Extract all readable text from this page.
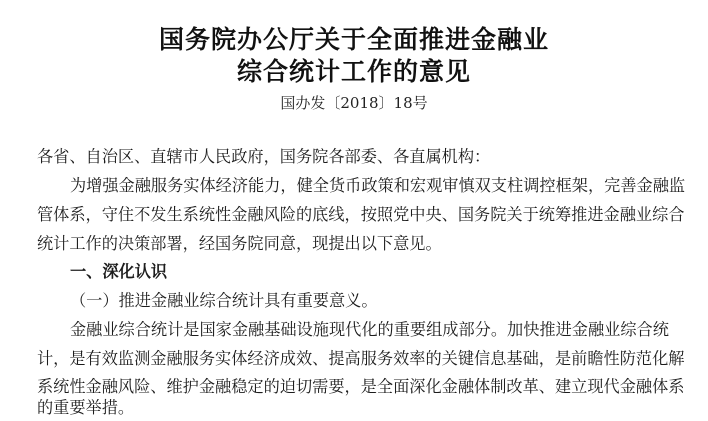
国务院办公厅关于全面推进金融业
综合统计工作的意见
国办发〔2018〕18号
各省、自治区、直辖市人民政府，国务院各部委、各直属机构：
为增强金融服务实体经济能力，健全货币政策和宏观审慎双支柱调控框架，完善金融监
管体系，守住不发生系统性金融风险的底线，按照党中央、国务院关于统筹推进金融业综合
统计工作的决策部署，经国务院同意，现提出以下意见。
一、深化认识
（一）推进金融业综合统计具有重要意义。
金融业综合统计是国家金融基础设施现代化的重要组成部分。加快推进金融业综合统
计，是有效监测金融服务实体经济成效、提高服务效率的关键信息基础，是前瞻性防范化解
系统性金融风险、维护金融稳定的迫切需要，是全面深化金融体制改革、建立现代金融体系
的重要举措。
